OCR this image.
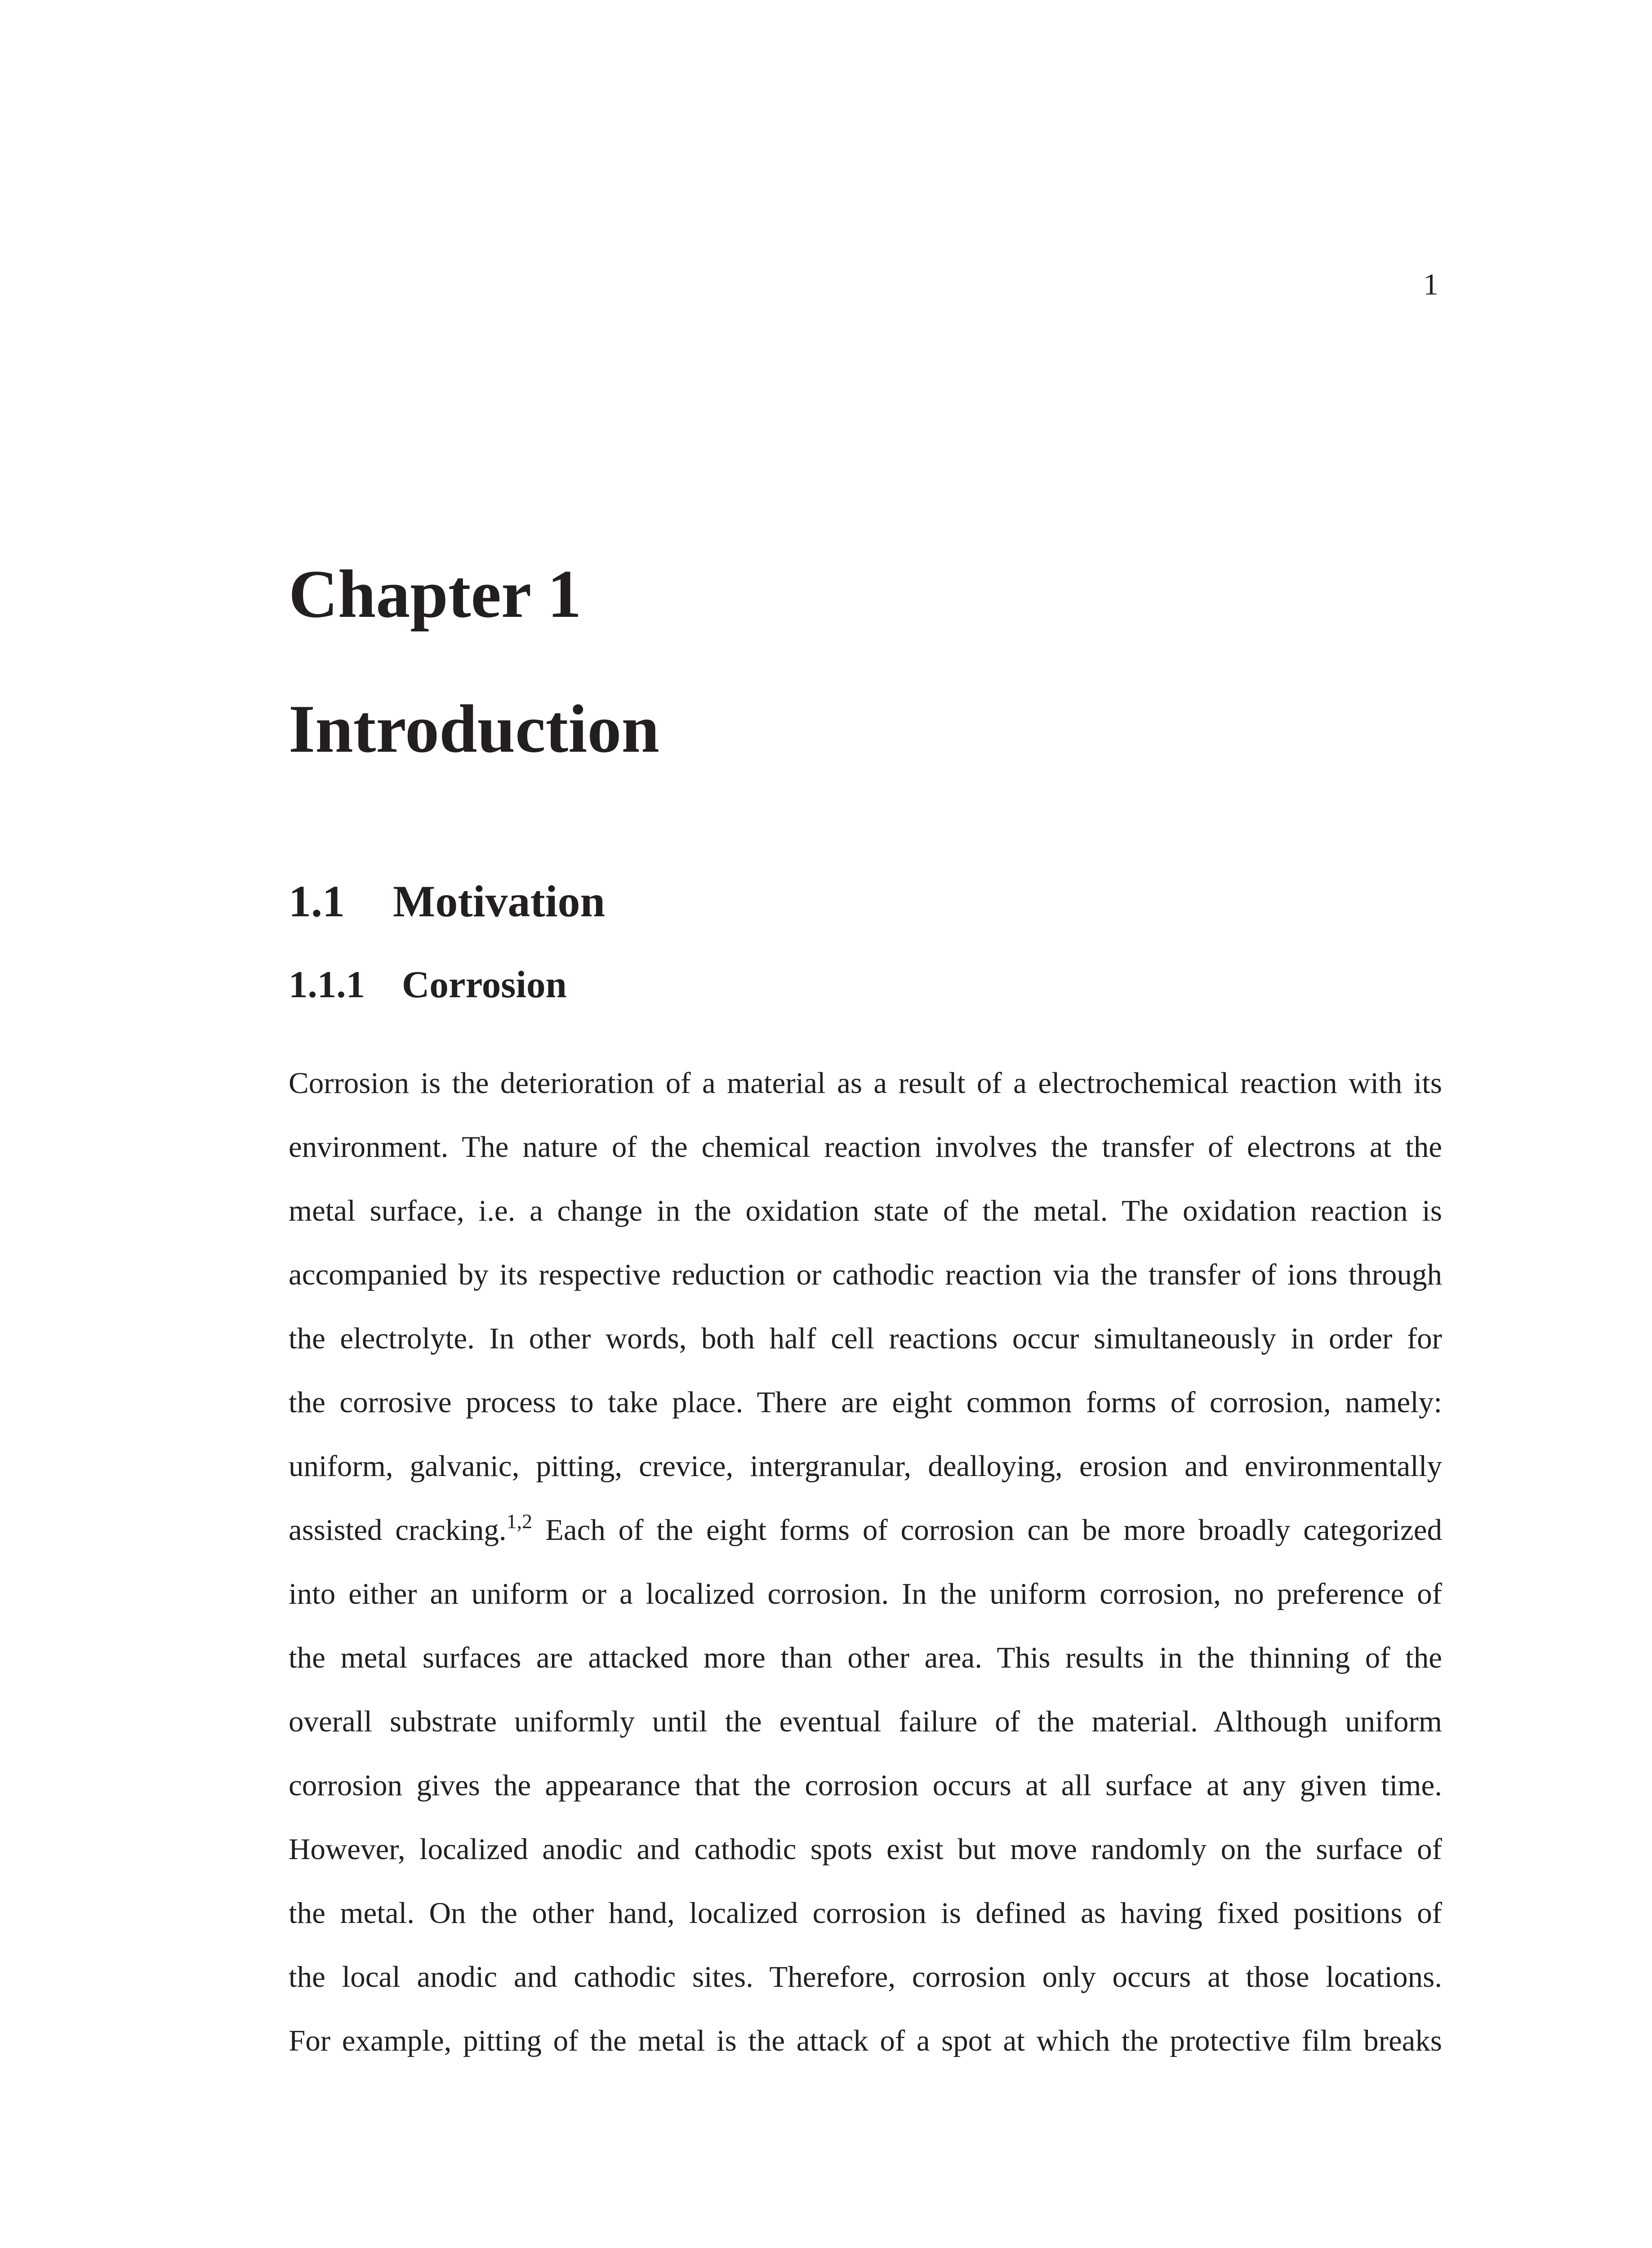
1
Chapter 1
Introduction
1.1 Motivation
1.1.1 Corrosion
Corrosion is the deterioration of a material as a result of a electrochemical reaction with its
environment. The nature of the chemical reaction involves the transfer of electrons at the
metal surface, i.e. a change in the oxidation state of the metal. The oxidation reaction is
accompanied by its respective reduction or cathodic reaction via the transfer of ions through
the electrolyte. In other words, both half cell reactions occur simultaneously in order for
the corrosive process to take place. There are eight common forms of corrosion, namely:
uniform, galvanic, pitting, crevice, intergranular, dealloying, erosion and environmentally
assisted cracking.$^{1,2}$ Each of the eight forms of corrosion can be more broadly categorized
into either an uniform or a localized corrosion. In the uniform corrosion, no preference of
the metal surfaces are attacked more than other area. This results in the thinning of the
overall substrate uniformly until the eventual failure of the material. Although uniform
corrosion gives the appearance that the corrosion occurs at all surface at any given time.
However, localized anodic and cathodic spots exist but move randomly on the surface of
the metal. On the other hand, localized corrosion is defined as having fixed positions of
the local anodic and cathodic sites. Therefore, corrosion only occurs at those locations.
For example, pitting of the metal is the attack of a spot at which the protective film breaks
